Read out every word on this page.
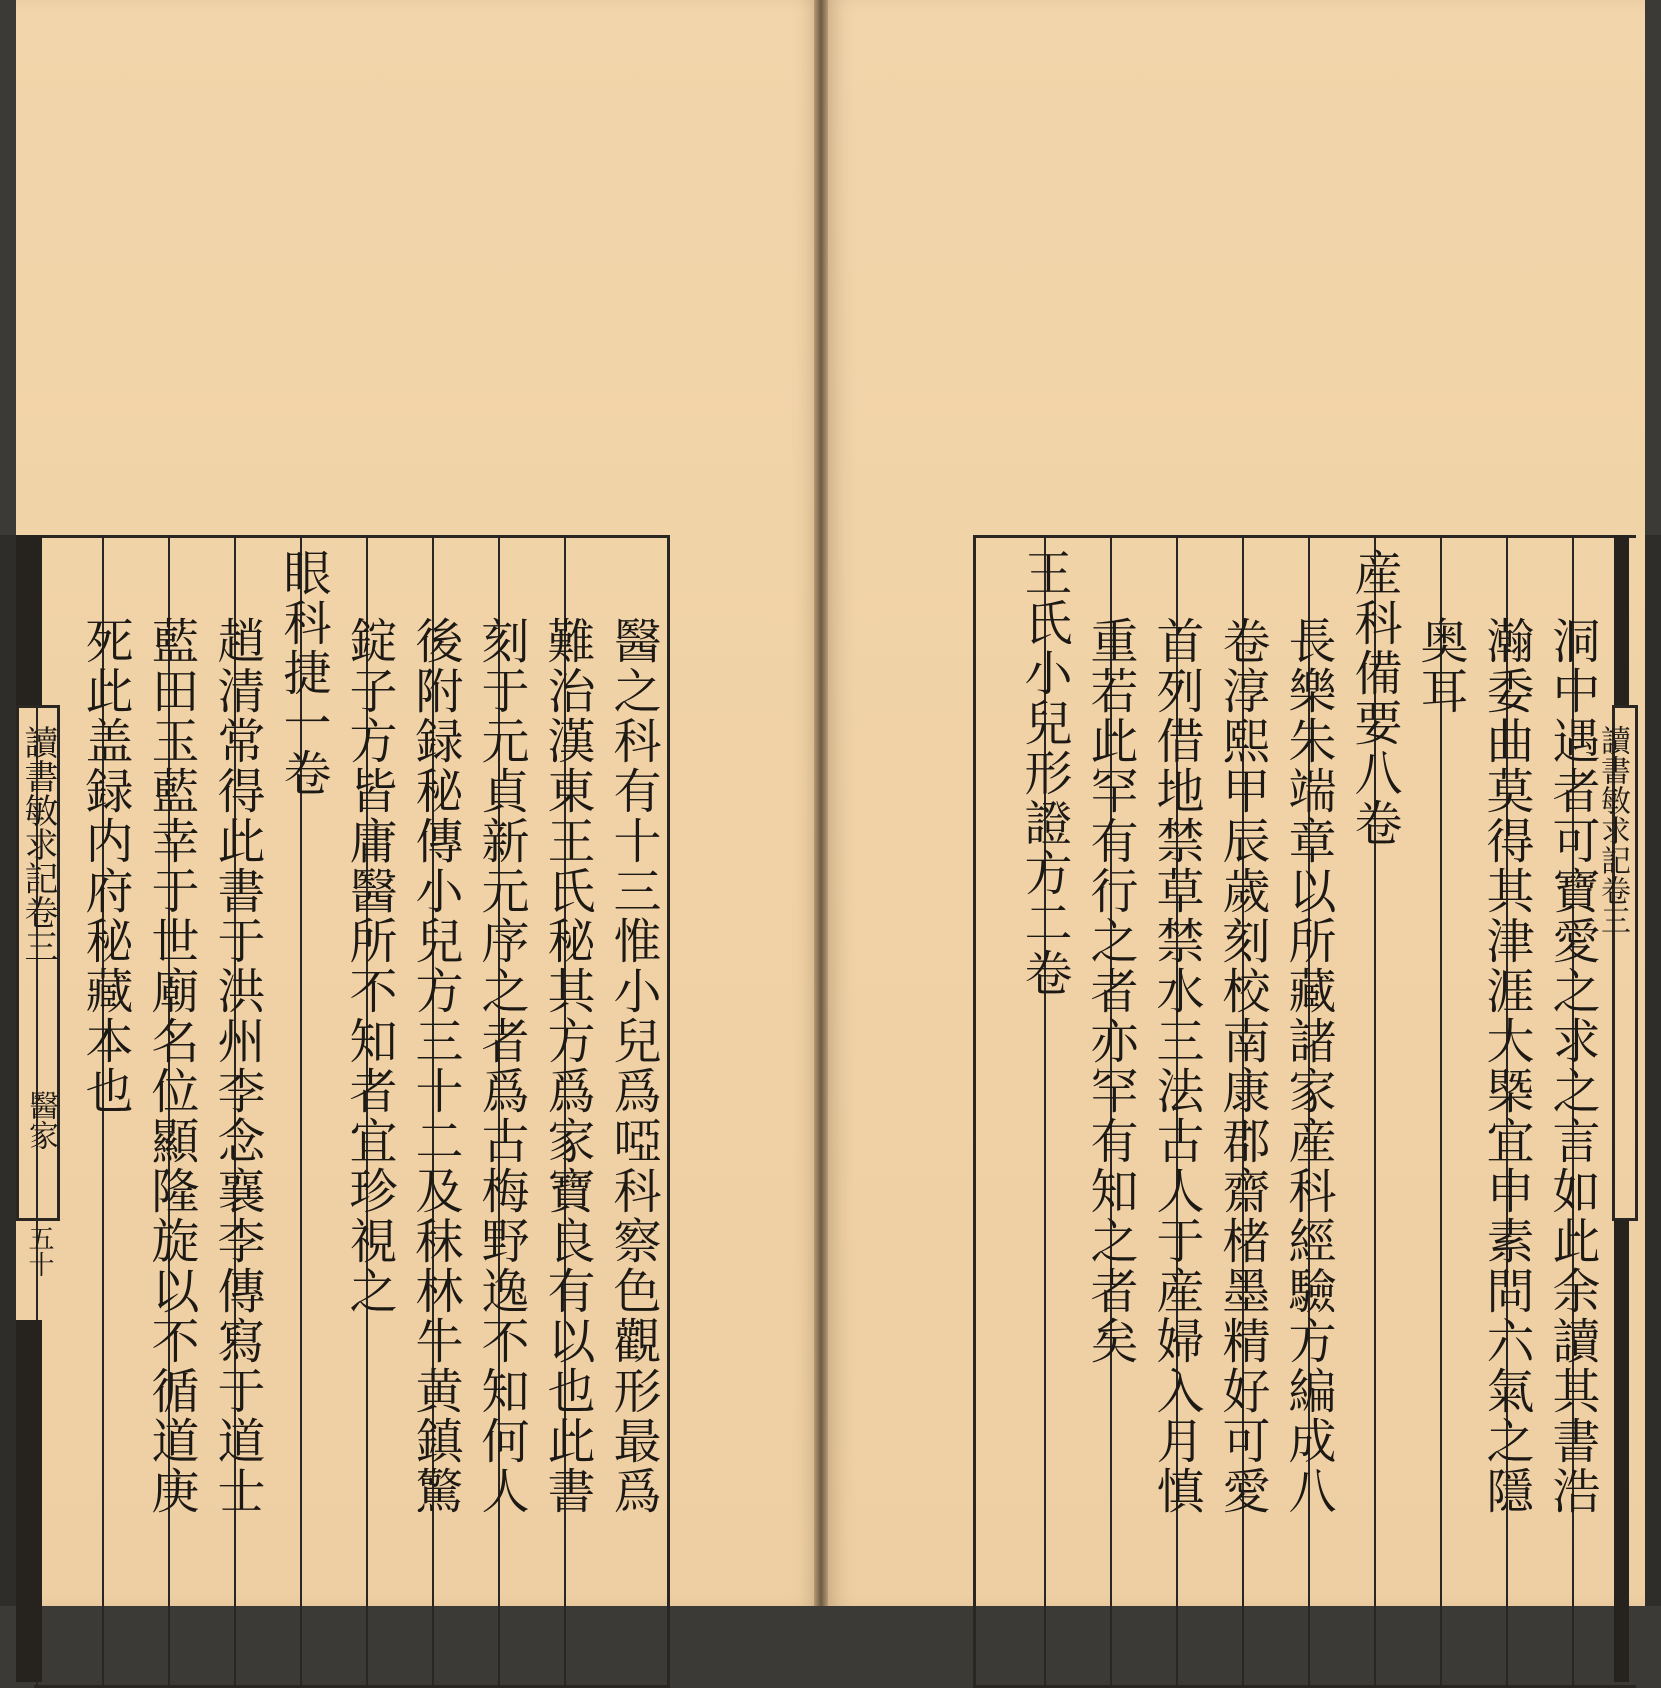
醫之科有十三惟小兒爲啞科察色觀形最爲
難治漢東王氏秘其方爲家寶良有以也此書
刻于元貞新元序之者爲古梅野逸不知何人
後附録秘傳小兒方三十二及秣林牛黄鎮驚
錠子方皆庸醫所不知者宜珍視之
眼科捷一卷
趙清常得此書于洪州李念襄李傳寫于道士
藍田玉藍幸于世廟名位顯隆旋以不循道庚
死此盖録内府秘藏本也
讀書敏求記卷三
醫家
五十	洞中遇者可寶愛之求之言如此余讀其書浩
瀚委曲莫得其津涯大槩宜申素問六氣之隱
奥耳
産科備要八卷
長樂朱端章以所藏諸家産科經驗方編成八
卷淳熙甲辰歲刻校南康郡齋楮墨精好可愛
首列借地禁草禁水三法古人于産婦入月慎
重若此罕有行之者亦罕有知之者矣
王氏小兒形證方二卷	讀書敏求記卷三
